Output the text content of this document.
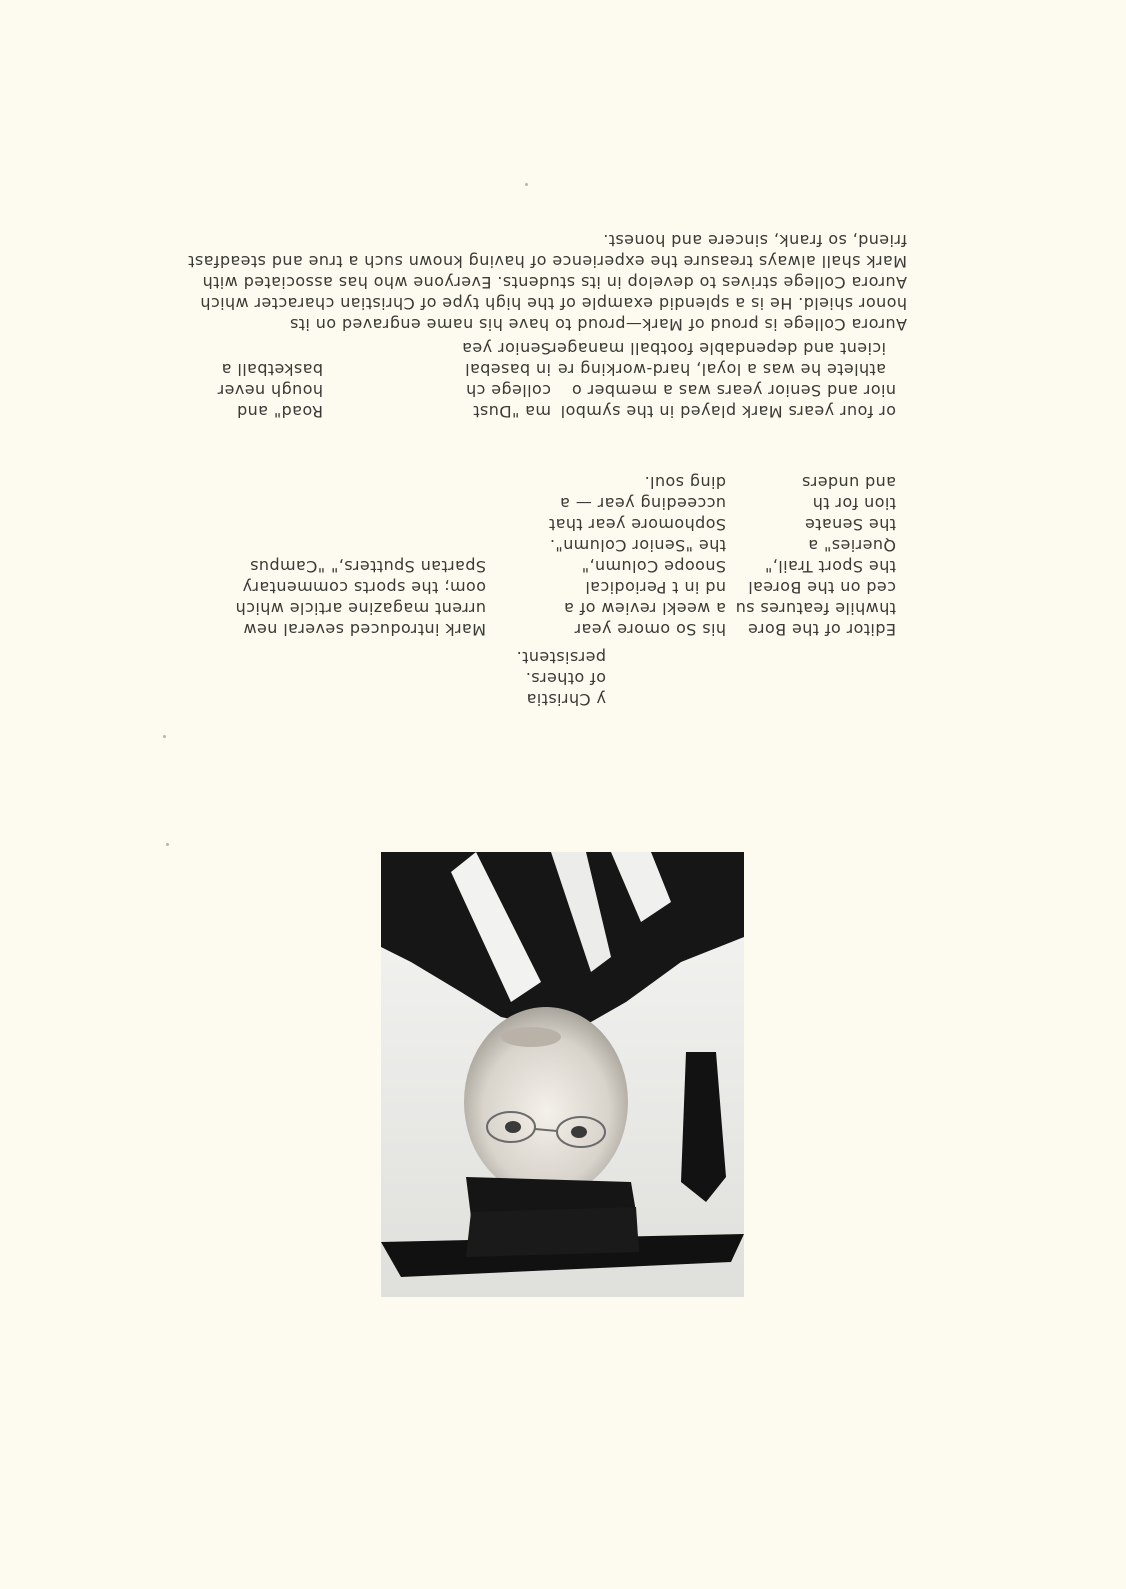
Aurora College is proud of Mark—proud to have his name engraved on its
honor shield. He is a splendid example of the high type of Christian character which
Aurora College strives to develop in its students. Everyone who has associated with
Mark shall always treasure the experience of having known such a true and steadfast
friend, so frank, sincere and honest.
or four years Mark played in the symbol
nior and Senior years was a member o
athlete he was a loyal, hard-working re
icient and dependable football manager
ma "Dust
college ch
in basebal
Senior yea
Road" and
hough never
basketball a
Editor of the Bore
thwhile features su
ced on the Boreal
the Sport Trail,"
Queries" a
the Senate
tion for th
and unders
his So omore year
a weekl review of a
nd in t Periodical
Snoope Column,"
the "Senior Column".
Sophomore year that
ucceeding year — a
ding soul.
Mark introduced several new
urrent magazine article which
oom; the sports commentary
Spartan Sputters," "Campus
y Christia
of others.
persistent.
